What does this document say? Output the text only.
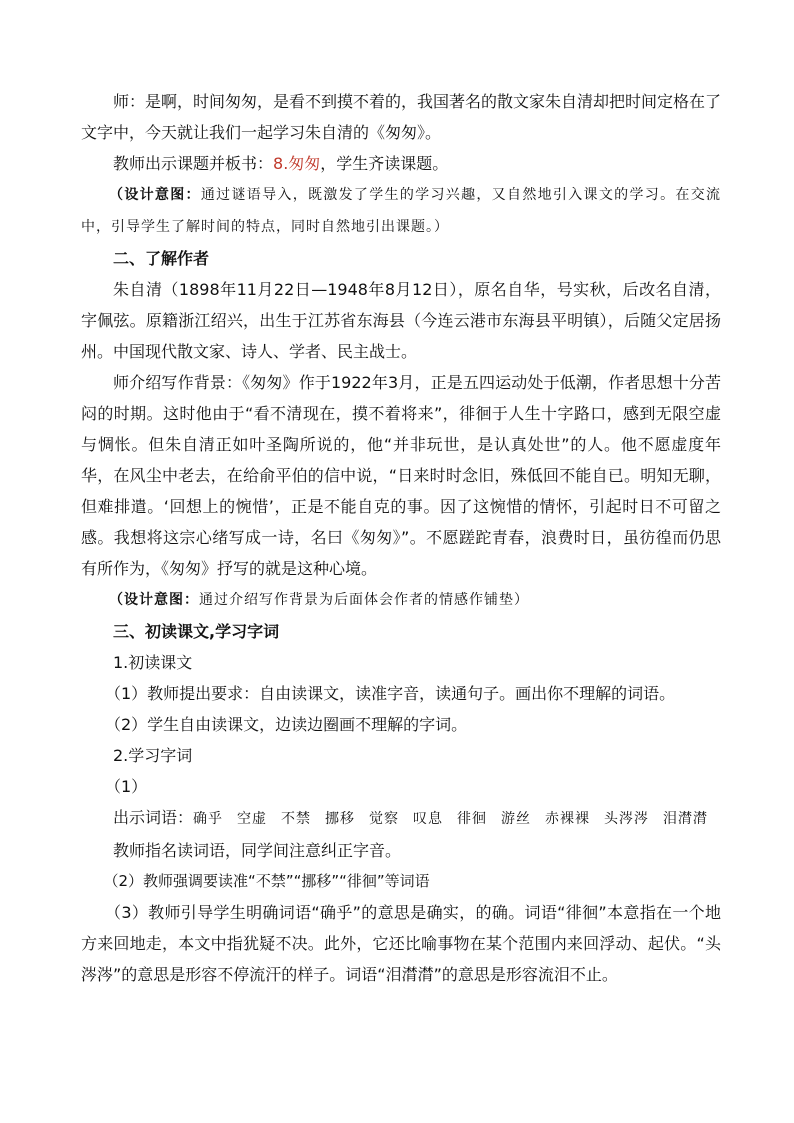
师：是啊，时间匆匆，是看不到摸不着的，我国著名的散文家朱自清却把时间定格在了文字中，今天就让我们一起学习朱自清的《匆匆》。

教师出示课题并板书：8.匆匆，学生齐读课题。

（设计意图：通过谜语导入，既激发了学生的学习兴趣，又自然地引入课文的学习。在交流中，引导学生了解时间的特点，同时自然地引出课题。）

二、了解作者

朱自清（1898年11月22日—1948年8月12日），原名自华，号实秋，后改名自清，字佩弦。原籍浙江绍兴，出生于江苏省东海县（今连云港市东海县平明镇），后随父定居扬州。中国现代散文家、诗人、学者、民主战士。

师介绍写作背景：《匆匆》作于1922年3月，正是五四运动处于低潮，作者思想十分苦闷的时期。这时他由于“看不清现在，摸不着将来”，徘徊于人生十字路口，感到无限空虚与惆怅。但朱自清正如叶圣陶所说的，他“并非玩世，是认真处世”的人。他不愿虚度年华，在风尘中老去，在给俞平伯的信中说，“日来时时念旧，殊低回不能自已。明知无聊，但难排遣。‘回想上的惋惜’，正是不能自克的事。因了这惋惜的情怀，引起时日不可留之感。我想将这宗心绪写成一诗，名曰《匆匆》”。不愿蹉跎青春，浪费时日，虽彷徨而仍思有所作为，《匆匆》抒写的就是这种心境。

（设计意图：通过介绍写作背景为后面体会作者的情感作铺垫）

三、初读课文,学习字词

1.初读课文

（1）教师提出要求：自由读课文，读准字音，读通句子。画出你不理解的词语。

（2）学生自由读课文，边读边圈画不理解的字词。

2.学习字词

（1）

出示词语：确乎 空虚 不禁 挪移 觉察 叹息 徘徊 游丝 赤裸裸 头涔涔 泪潸潸

教师指名读词语，同学间注意纠正字音。

（2）教师强调要读准“不禁”“挪移”“徘徊”等词语

（3）教师引导学生明确词语“确乎”的意思是确实，的确。词语“徘徊”本意指在一个地方来回地走，本文中指犹疑不决。此外，它还比喻事物在某个范围内来回浮动、起伏。“头涔涔”的意思是形容不停流汗的样子。词语“泪潸潸”的意思是形容流泪不止。
